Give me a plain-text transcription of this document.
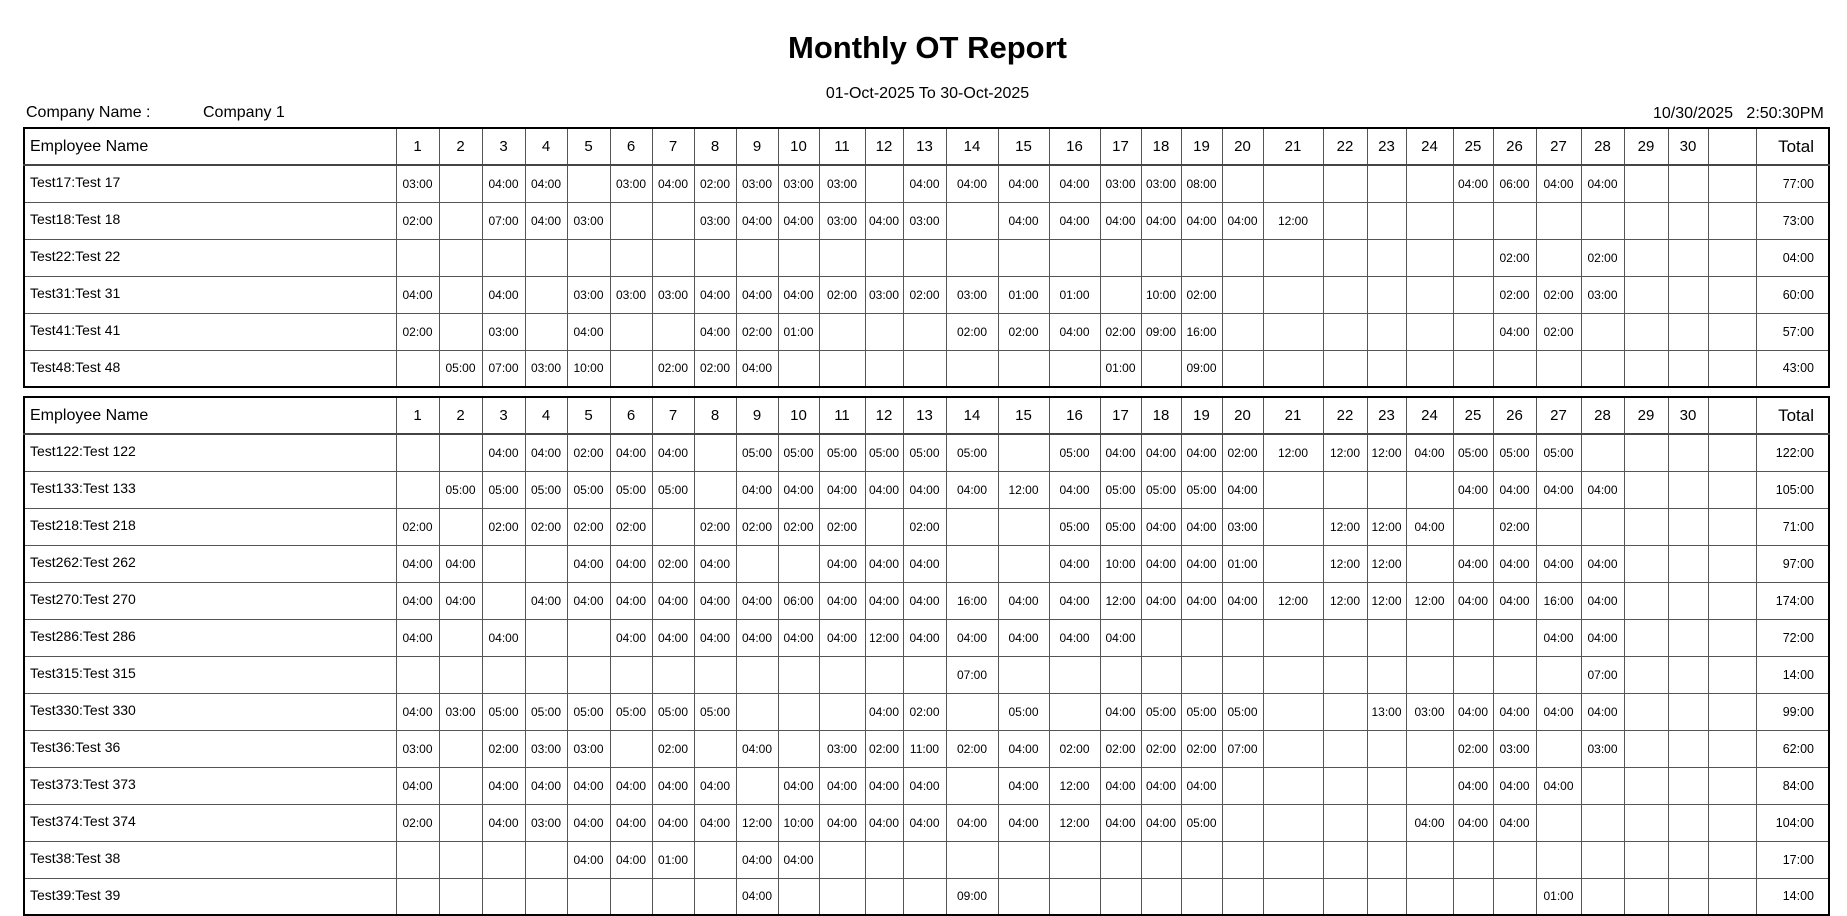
Monthly OT Report
01-Oct-2025 To 30-Oct-2025
Company Name :	Company 1	10/30/2025 2:50:30PM
Employee Name	1	2	3	4	5	6	7	8	9	10	11	12	13	14	15	16	17	18	19	20	21	22	23	24	25	26	27	28	29	30		Total
Test17:Test 17	03:00		04:00	04:00		03:00	04:00	02:00	03:00	03:00	03:00		04:00	04:00	04:00	04:00	03:00	03:00	08:00						04:00	06:00	04:00	04:00				77:00
Test18:Test 18	02:00		07:00	04:00	03:00			03:00	04:00	04:00	03:00	04:00	03:00		04:00	04:00	04:00	04:00	04:00	04:00	12:00											73:00
Test22:Test 22																										02:00		02:00				04:00
Test31:Test 31	04:00		04:00		03:00	03:00	03:00	04:00	04:00	04:00	02:00	03:00	02:00	03:00	01:00	01:00		10:00	02:00							02:00	02:00	03:00				60:00
Test41:Test 41	02:00		03:00		04:00			04:00	02:00	01:00				02:00	02:00	04:00	02:00	09:00	16:00							04:00	02:00					57:00
Test48:Test 48		05:00	07:00	03:00	10:00		02:00	02:00	04:00								01:00		09:00													43:00
Employee Name	1	2	3	4	5	6	7	8	9	10	11	12	13	14	15	16	17	18	19	20	21	22	23	24	25	26	27	28	29	30		Total
Test122:Test 122			04:00	04:00	02:00	04:00	04:00		05:00	05:00	05:00	05:00	05:00	05:00		05:00	04:00	04:00	04:00	02:00	12:00	12:00	12:00	04:00	05:00	05:00	05:00					122:00
Test133:Test 133		05:00	05:00	05:00	05:00	05:00	05:00		04:00	04:00	04:00	04:00	04:00	04:00	12:00	04:00	05:00	05:00	05:00	04:00					04:00	04:00	04:00	04:00				105:00
Test218:Test 218	02:00		02:00	02:00	02:00	02:00		02:00	02:00	02:00	02:00		02:00			05:00	05:00	04:00	04:00	03:00		12:00	12:00	04:00		02:00						71:00
Test262:Test 262	04:00	04:00			04:00	04:00	02:00	04:00			04:00	04:00	04:00			04:00	10:00	04:00	04:00	01:00		12:00	12:00		04:00	04:00	04:00	04:00				97:00
Test270:Test 270	04:00	04:00		04:00	04:00	04:00	04:00	04:00	04:00	06:00	04:00	04:00	04:00	16:00	04:00	04:00	12:00	04:00	04:00	04:00	12:00	12:00	12:00	12:00	04:00	04:00	16:00	04:00				174:00
Test286:Test 286	04:00		04:00			04:00	04:00	04:00	04:00	04:00	04:00	12:00	04:00	04:00	04:00	04:00	04:00										04:00	04:00				72:00
Test315:Test 315														07:00														07:00				14:00
Test330:Test 330	04:00	03:00	05:00	05:00	05:00	05:00	05:00	05:00				04:00	02:00		05:00		04:00	05:00	05:00	05:00			13:00	03:00	04:00	04:00	04:00	04:00				99:00
Test36:Test 36	03:00		02:00	03:00	03:00		02:00		04:00		03:00	02:00	11:00	02:00	04:00	02:00	02:00	02:00	02:00	07:00					02:00	03:00		03:00				62:00
Test373:Test 373	04:00		04:00	04:00	04:00	04:00	04:00	04:00		04:00	04:00	04:00	04:00		04:00	12:00	04:00	04:00	04:00						04:00	04:00	04:00					84:00
Test374:Test 374	02:00		04:00	03:00	04:00	04:00	04:00	04:00	12:00	10:00	04:00	04:00	04:00	04:00	04:00	12:00	04:00	04:00	05:00					04:00	04:00	04:00						104:00
Test38:Test 38					04:00	04:00	01:00		04:00	04:00																						17:00
Test39:Test 39									04:00					09:00													01:00					14:00
